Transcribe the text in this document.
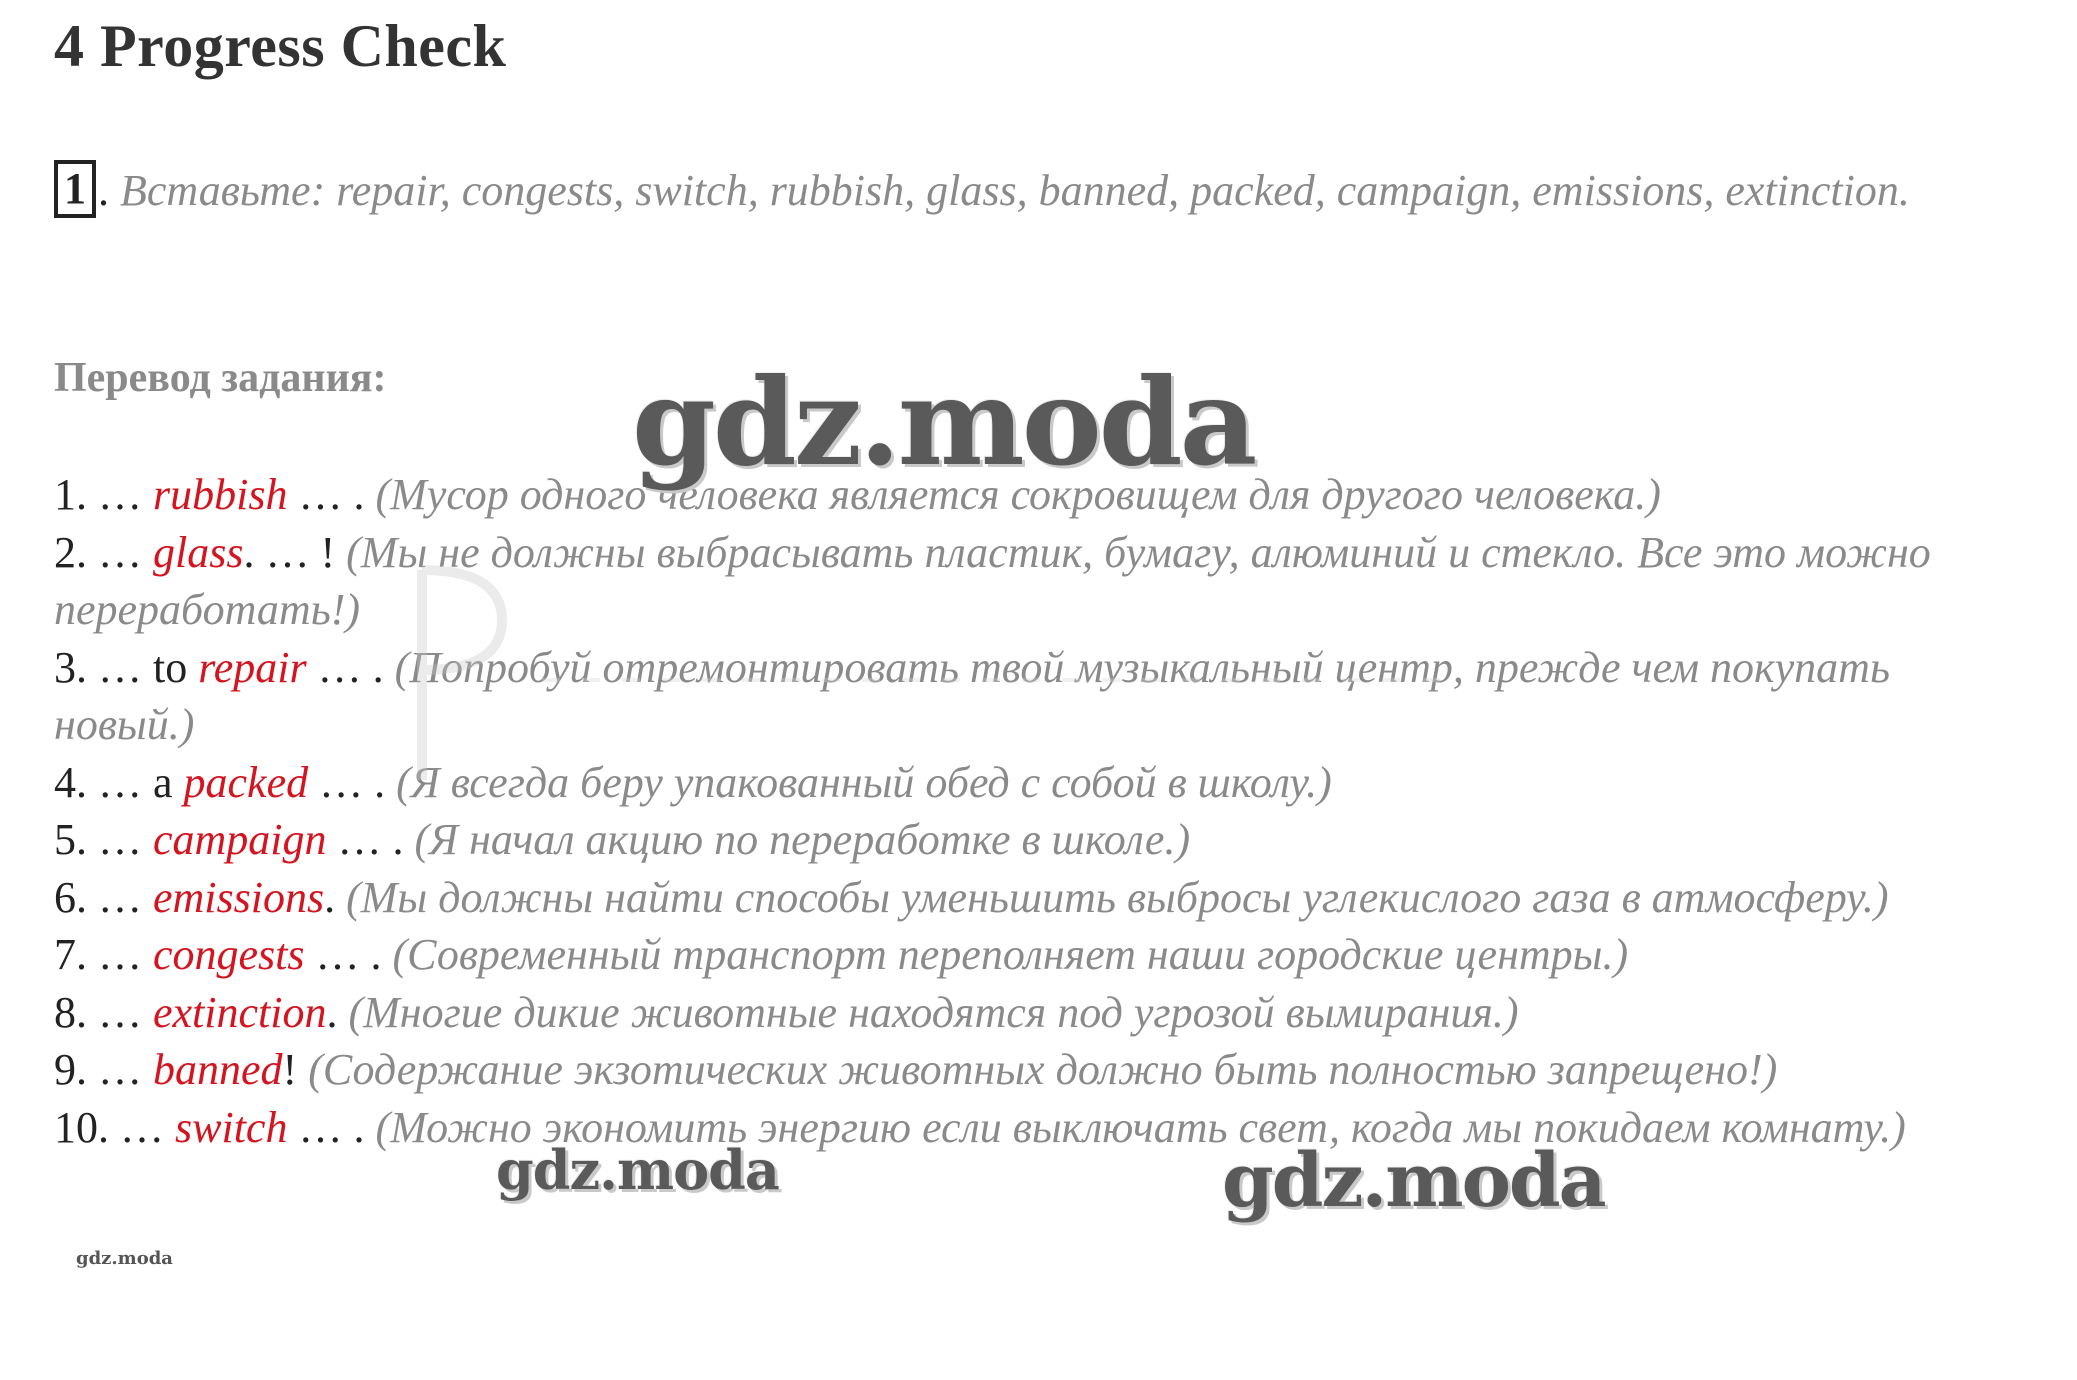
4 Progress Check
1 . Вставьте: repair, congests, switch, rubbish, glass, banned, packed, campaign, emissions, extinction.
Перевод задания:

1. … rubbish … . (Мусор одного человека является сокровищем для другого человека.)

2. … glass. … ! (Мы не должны выбрасывать пластик, бумагу, алюминий и стекло. Все это можно переработать!)

3. … to repair … . (Попробуй отремонтировать твой музыкальный центр, прежде чем покупать новый.)

4. … a packed … . (Я всегда беру упакованный обед с собой в школу.)

5. … campaign … . (Я начал акцию по переработке в школе.)

6. … emissions. (Мы должны найти способы уменьшить выбросы углекислого газа в атмосферу.)

7. … congests … . (Современный транспорт переполняет наши городские центры.)

8. … extinction. (Многие дикие животные находятся под угрозой вымирания.)

9. … banned! (Содержание экзотических животных должно быть полностью запрещено!)

10. … switch … . (Можно экономить энергию если выключать свет, когда мы покидаем комнату.)

gdz.moda
gdz.moda	gdz.moda
gdz.moda
